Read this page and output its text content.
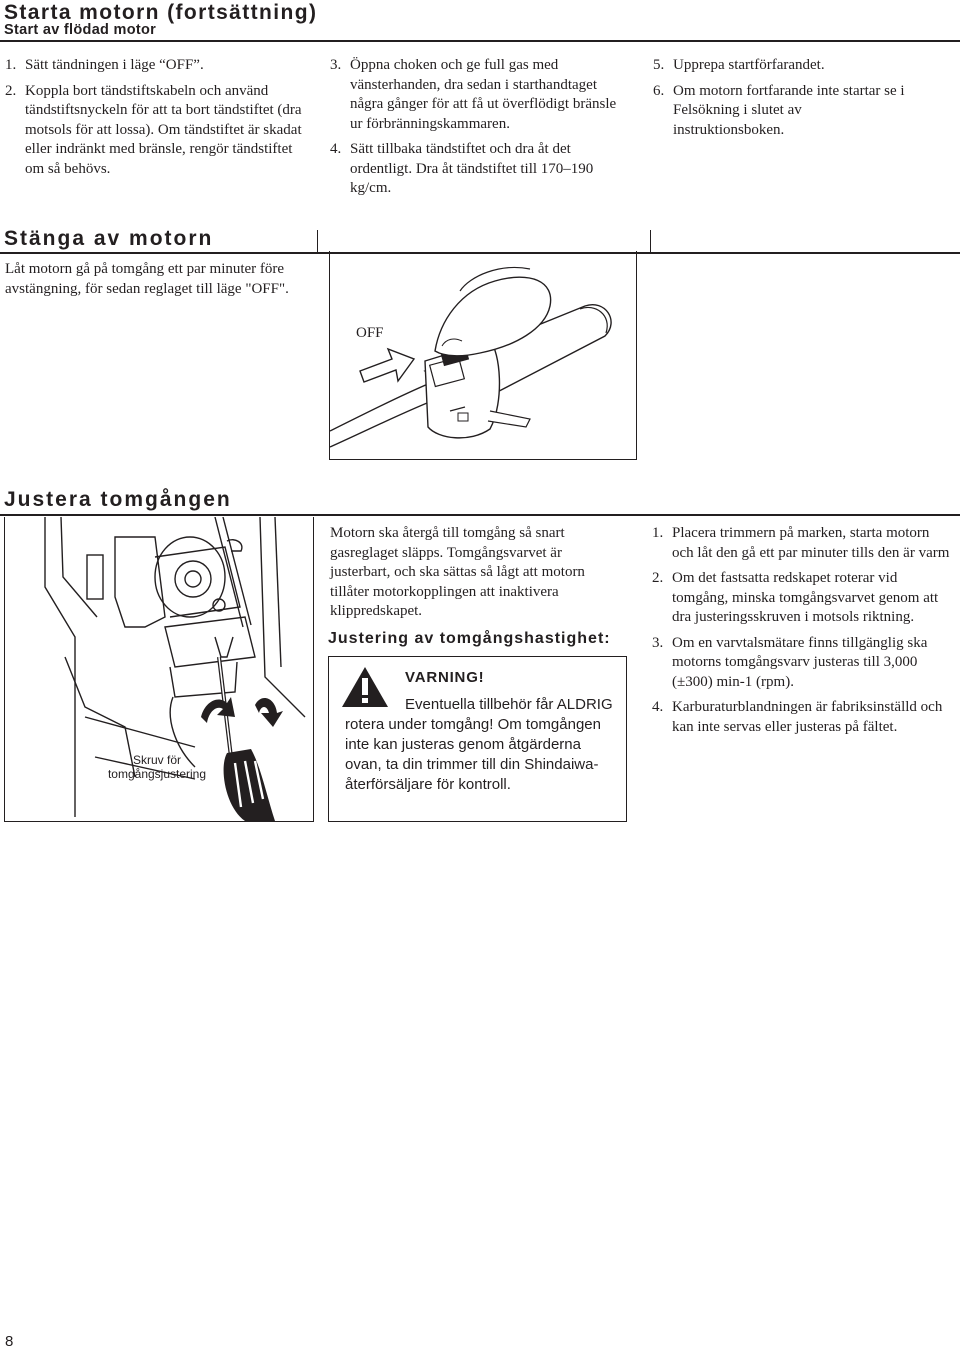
Starta motorn (fortsättning)
Start av flödad motor
1. Sätt tändningen i läge “OFF”.
2. Koppla bort tändstiftskabeln och använd tändstiftsnyckeln för att ta bort tändstiftet (dra motsols för att lossa). Om tändstiftet är skadat eller indränkt med bränsle, rengör tändstiftet om så behövs.
3. Öppna choken och ge full gas med vänsterhanden, dra sedan i starthandtaget några gånger för att få ut överflödigt bränsle ur förbränningskammaren.
4. Sätt tillbaka tändstiftet och dra åt det ordentligt. Dra åt tändstiftet till 170–190 kg/cm.
5. Upprepa startförfarandet.
6. Om motorn fortfarande inte startar se i Felsökning i slutet av instruktionsboken.
Stänga av motorn
Låt motorn gå på tomgång ett par minuter före avstängning, för sedan reglaget till läge "OFF".
OFF
Justera tomgången
Skruv för tomgångsjustering
Motorn ska återgå till tomgång så snart gasreglaget släpps. Tomgångsvarvet är justerbart, och ska sättas så lågt att motorn tillåter motorkopplingen att inaktivera klippredskapet.
Justering av tomgångshastighet:
VARNING!
Eventuella tillbehör får ALDRIG rotera under tomgång! Om tomgången inte kan justeras genom åtgärderna ovan, ta din trimmer till din Shindaiwa-återförsäljare för kontroll.
1. Placera trimmern på marken, starta motorn och låt den gå ett par minuter tills den är varm
2. Om det fastsatta redskapet roterar vid tomgång, minska tomgångsvarvet genom att dra justeringsskruven i motsols riktning.
3. Om en varvtalsmätare finns tillgänglig ska motorns tomgångsvarv justeras till 3,000 (±300) min-1 (rpm).
4. Karburaturblandningen är fabriksinställd och kan inte servas eller justeras på fältet.
8
